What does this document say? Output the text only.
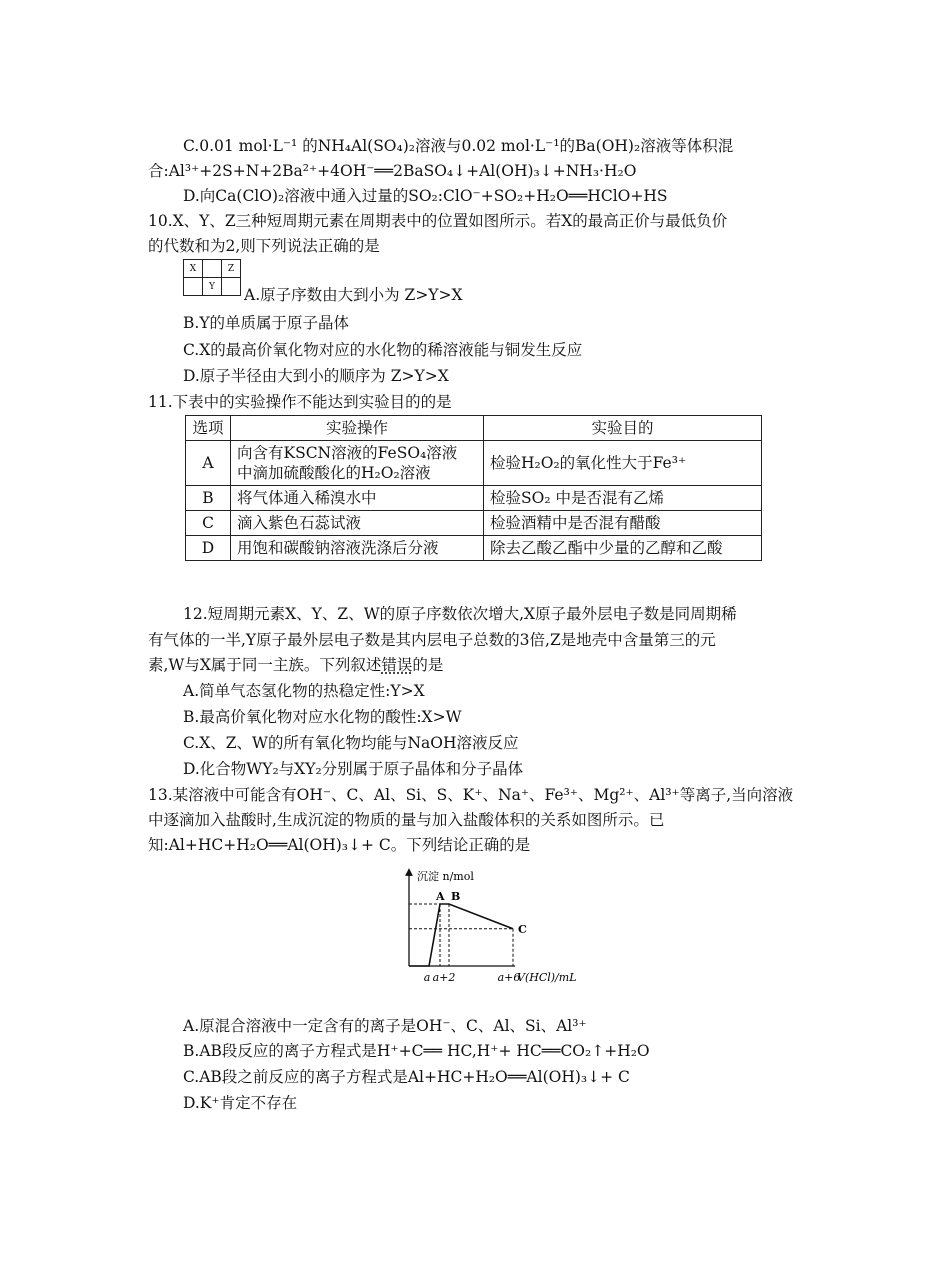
C.0.01 mol·L⁻¹ 的NH₄Al(SO₄)₂溶液与0.02 mol·L⁻¹的Ba(OH)₂溶液等体积混
合:Al³⁺+2S+N+2Ba²⁺+4OH⁻══2BaSO₄↓+Al(OH)₃↓+NH₃·H₂O
D.向Ca(ClO)₂溶液中通入过量的SO₂:ClO⁻+SO₂+H₂O══HClO+HS
10.X、Y、Z三种短周期元素在周期表中的位置如图所示。若X的最高正价与最低负价
的代数和为2,则下列说法正确的是
X		Z
	Y	A.原子序数由大到小为 Z>Y>X
B.Y的单质属于原子晶体
C.X的最高价氧化物对应的水化物的稀溶液能与铜发生反应
D.原子半径由大到小的顺序为 Z>Y>X
11.下表中的实验操作不能达到实验目的的是
选项	实验操作	实验目的
A	向含有KSCN溶液的FeSO₄溶液
中滴加硫酸酸化的H₂O₂溶液	检验H₂O₂的氧化性大于Fe³⁺
B	将气体通入稀溴水中	检验SO₂ 中是否混有乙烯
C	滴入紫色石蕊试液	检验酒精中是否混有醋酸
D	用饱和碳酸钠溶液洗涤后分液	除去乙酸乙酯中少量的乙醇和乙酸
12.短周期元素X、Y、Z、W的原子序数依次增大,X原子最外层电子数是同周期稀
有气体的一半,Y原子最外层电子数是其内层电子总数的3倍,Z是地壳中含量第三的元
素,W与X属于同一主族。下列叙述错误的是
A.简单气态氢化物的热稳定性:Y>X
B.最高价氧化物对应水化物的酸性:X>W
C.X、Z、W的所有氧化物均能与NaOH溶液反应
D.化合物WY₂与XY₂分别属于原子晶体和分子晶体
13.某溶液中可能含有OH⁻、C、Al、Si、S、K⁺、Na⁺、Fe³⁺、Mg²⁺、Al³⁺等离子,当向溶液
中逐滴加入盐酸时,生成沉淀的物质的量与加入盐酸体积的关系如图所示。已
知:Al+HC+H₂O══Al(OH)₃↓+ C。下列结论正确的是
沉淀 n/mol
V(HCl)/mL
A B
C
a a+2	a+6
A.原混合溶液中一定含有的离子是OH⁻、C、Al、Si、Al³⁺
B.AB段反应的离子方程式是H⁺+C══ HC,H⁺+ HC══CO₂↑+H₂O
C.AB段之前反应的离子方程式是Al+HC+H₂O══Al(OH)₃↓+ C
D.K⁺肯定不存在
